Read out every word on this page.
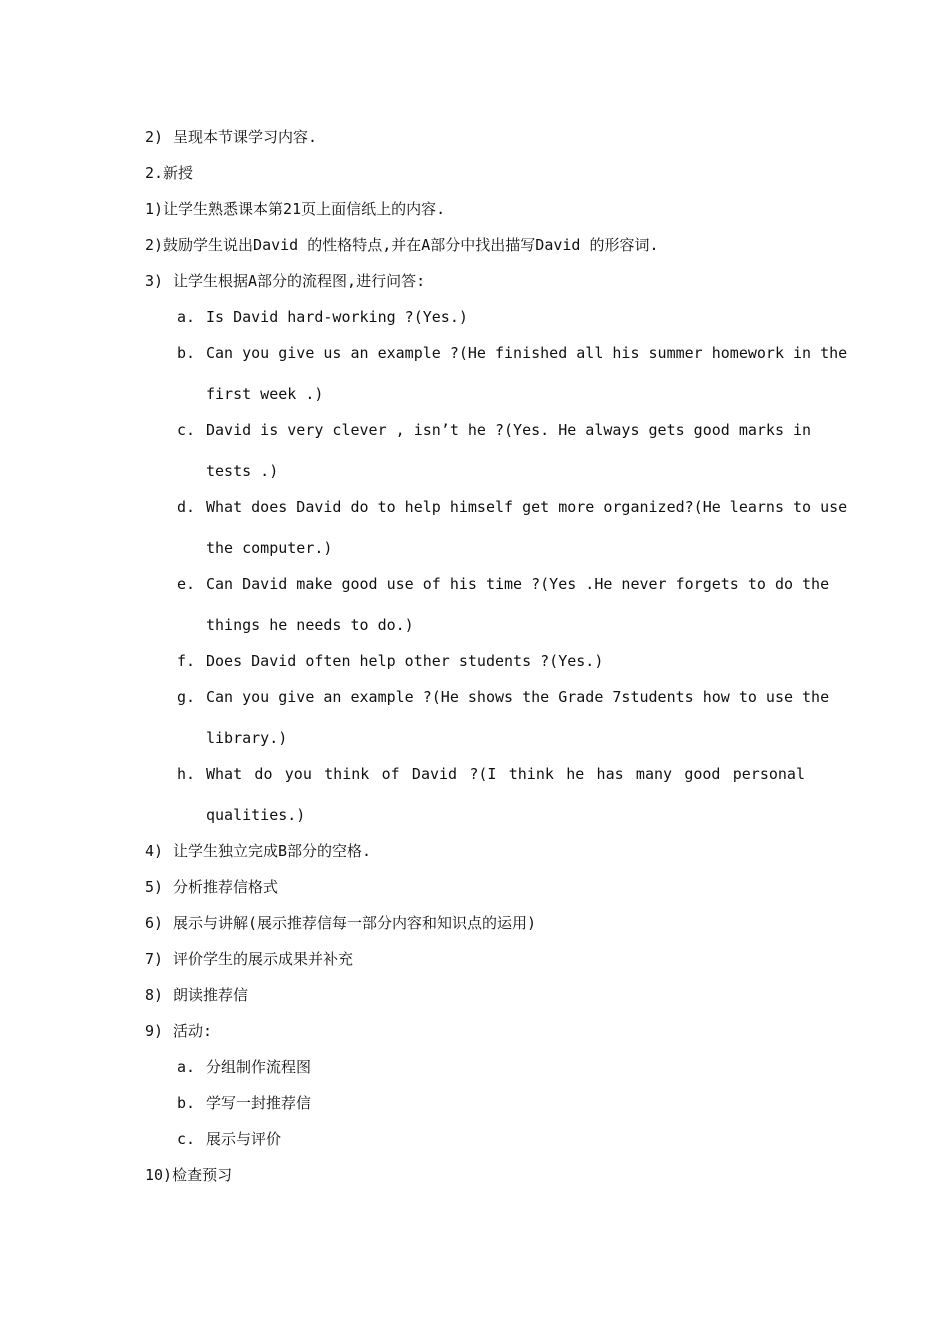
2) 呈现本节课学习内容.
2.新授
1)让学生熟悉课本第21页上面信纸上的内容.
2)鼓励学生说出David 的性格特点,并在A部分中找出描写David 的形容词.
3) 让学生根据A部分的流程图,进行问答:
a. Is David hard-working ?(Yes.)
b. Can you give us an example ?(He finished all his summer homework in the
first week .)
c. David is very clever , isn’t he ?(Yes. He always gets good marks in
tests .)
d. What does David do to help himself get more organized?(He learns to use
the computer.)
e. Can David make good use of his time ?(Yes .He never forgets to do the
things he needs to do.)
f. Does David often help other students ?(Yes.)
g. Can you give an example ?(He shows the Grade 7students how to use the
library.)
h. What do you think of David ?(I think he has many good personal
qualities.)
4) 让学生独立完成B部分的空格.
5) 分析推荐信格式
6) 展示与讲解(展示推荐信每一部分内容和知识点的运用)
7) 评价学生的展示成果并补充
8) 朗读推荐信
9) 活动:
a. 分组制作流程图
b. 学写一封推荐信
c. 展示与评价
10)检查预习
